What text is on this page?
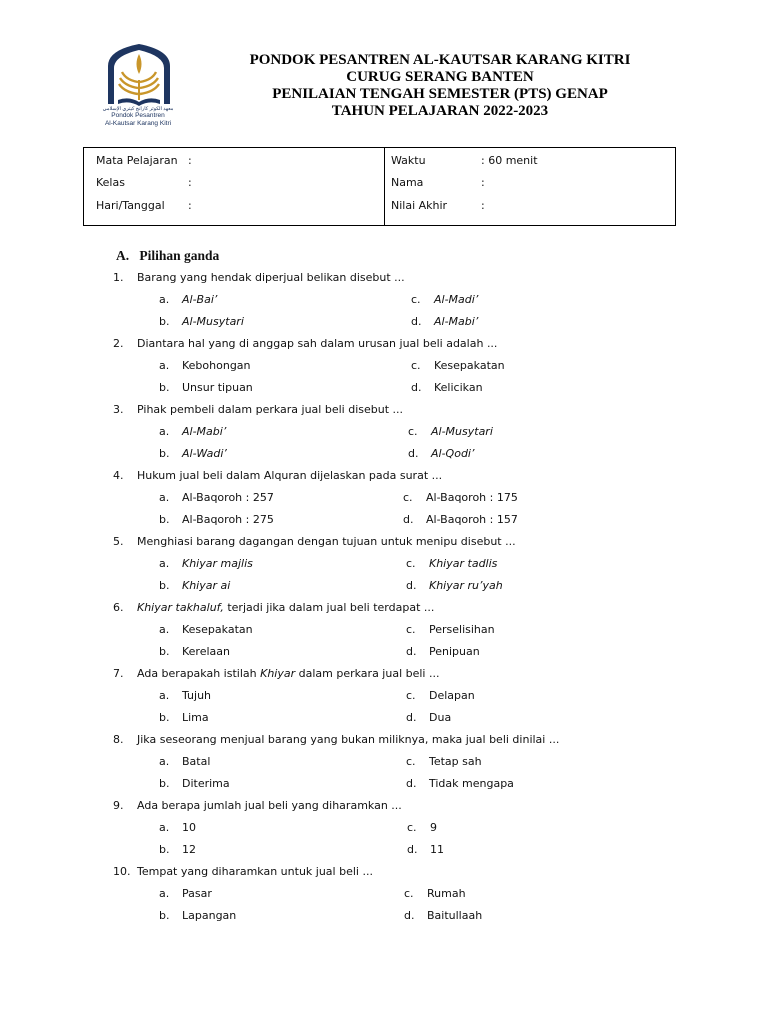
معهد الكوثر كارانج كيتري الإسلامي
Pondok Pesantren
Al-Kautsar Karang Kitri
PONDOK PESANTREN AL-KAUTSAR KARANG KITRI
CURUG SERANG BANTEN
PENILAIAN TENGAH SEMESTER (PTS) GENAP
TAHUN PELAJARAN 2022-2023
Mata Pelajaran :
Kelas	:
Hari/Tanggal :
Waktu	: 60 menit
Nama	:
Nilai Akhir	:
A. Pilihan ganda
1. Barang yang hendak diperjual belikan disebut ...
a. Al-Bai’
b. Al-Musytari
c. Al-Madi’
d. Al-Mabi’
2. Diantara hal yang di anggap sah dalam urusan jual beli adalah ...
a. Kebohongan
b. Unsur tipuan
c. Kesepakatan
d. Kelicikan
3. Pihak pembeli dalam perkara jual beli disebut ...
a. Al-Mabi’
b. Al-Wadi’
c. Al-Musytari
d. Al-Qodi’
4. Hukum jual beli dalam Alquran dijelaskan pada surat ...
a. Al-Baqoroh : 257
b. Al-Baqoroh : 275
c. Al-Baqoroh : 175
d. Al-Baqoroh : 157
5. Menghiasi barang dagangan dengan tujuan untuk menipu disebut ...
a. Khiyar majlis
b. Khiyar ai
c. Khiyar tadlis
d. Khiyar ru’yah
6. Khiyar takhaluf, terjadi jika dalam jual beli terdapat ...
a. Kesepakatan
b. Kerelaan
c. Perselisihan
d. Penipuan
7. Ada berapakah istilah Khiyar dalam perkara jual beli ...
a. Tujuh
b. Lima
c. Delapan
d. Dua
8. Jika seseorang menjual barang yang bukan miliknya, maka jual beli dinilai ...
a. Batal
b. Diterima
c. Tetap sah
d. Tidak mengapa
9. Ada berapa jumlah jual beli yang diharamkan ...
a. 10
b. 12
c. 9
d. 11
10. Tempat yang diharamkan untuk jual beli ...
a. Pasar
b. Lapangan
c. Rumah
d. Baitullaah
